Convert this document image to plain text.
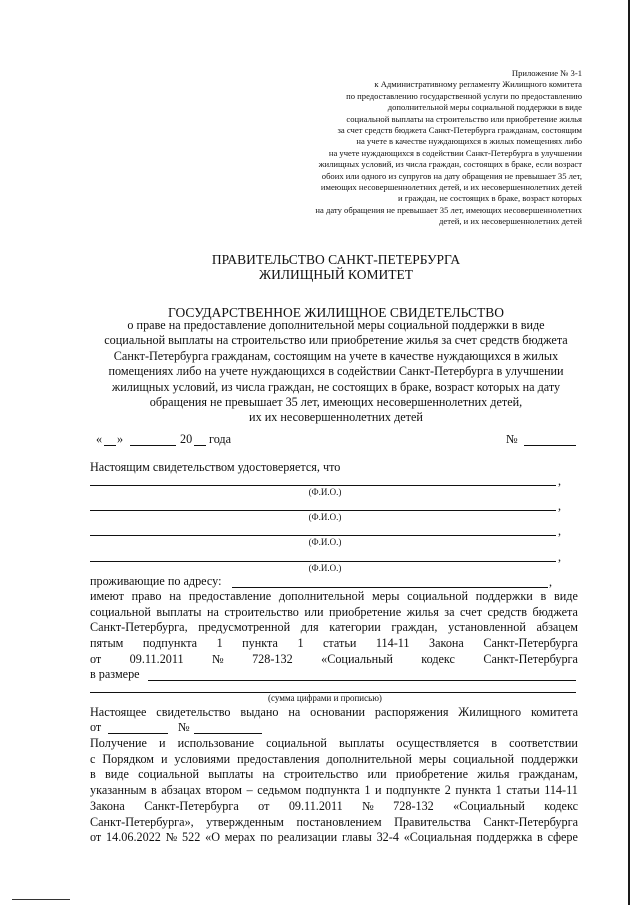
Приложение № 3-1
к Административному регламенту Жилищного комитета
по предоставлению государственной услуги по предоставлению
дополнительной меры социальной поддержки в виде
социальной выплаты на строительство или приобретение жилья
за счет средств бюджета Санкт-Петербурга гражданам, состоящим
на учете в качестве нуждающихся в жилых помещениях либо
на учете нуждающихся в содействии Санкт-Петербурга в улучшении
жилищных условий, из числа граждан, состоящих в браке, если возраст
обоих или одного из супругов на дату обращения не превышает 35 лет,
имеющих несовершеннолетних детей, и их несовершеннолетних детей
и граждан, не состоящих в браке, возраст которых
на дату обращения не превышает 35 лет, имеющих несовершеннолетних
детей, и их несовершеннолетних детей
ПРАВИТЕЛЬСТВО САНКТ-ПЕТЕРБУРГА
ЖИЛИЩНЫЙ КОМИТЕТ
ГОСУДАРСТВЕННОЕ ЖИЛИЩНОЕ СВИДЕТЕЛЬСТВО
о праве на предоставление дополнительной меры социальной поддержки в виде
социальной выплаты на строительство или приобретение жилья за счет средств бюджета
Санкт-Петербурга гражданам, состоящим на учете в качестве нуждающихся в жилых
помещениях либо на учете нуждающихся в содействии Санкт-Петербурга в улучшении
жилищных условий, из числа граждан, не состоящих в браке, возраст которых на дату
обращения не превышает 35 лет, имеющих несовершеннолетних детей,
их их несовершеннолетних детей
« »	20 года	№
Настоящим свидетельством удостоверяется, что
,
(Ф.И.О.)
,
(Ф.И.О.)
,
(Ф.И.О.)
,
(Ф.И.О.)
проживающие по адресу:	,
имеют право на предоставление дополнительной меры социальной поддержки в виде
социальной выплаты на строительство или приобретение жилья за счет средств бюджета
Санкт-Петербурга, предусмотренной для категории граждан, установленной абзацем
пятым подпункта 1 пункта 1 статьи 114-11 Закона Санкт-Петербурга
от 09.11.2011 № 728-132 «Социальный кодекс Санкт-Петербурга
в размере
(сумма цифрами и прописью)
Настоящее свидетельство выдано на основании распоряжения Жилищного комитета
от	№
Получение и использование социальной выплаты осуществляется в соответствии
с Порядком и условиями предоставления дополнительной меры социальной поддержки
в виде социальной выплаты на строительство или приобретение жилья гражданам,
указанным в абзацах втором – седьмом подпункта 1 и подпункте 2 пункта 1 статьи 114-11
Закона Санкт-Петербурга от 09.11.2011 № 728-132 «Социальный кодекс
Санкт-Петербурга», утвержденным постановлением Правительства Санкт-Петербурга
от 14.06.2022 № 522 «О мерах по реализации главы 32-4 «Социальная поддержка в сфере
